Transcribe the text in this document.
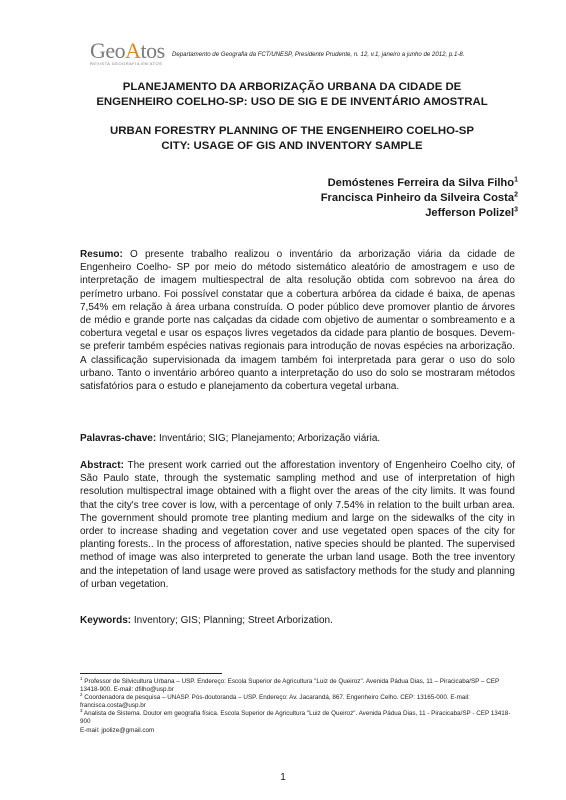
GeoAtos
REVISTA GEOGRAFIA EM ATOS
Departamento de Geografia da FCT/UNESP, Presidente Prudente, n. 12, v.1, janeiro a junho de 2012, p.1-8.
PLANEJAMENTO DA ARBORIZAÇÃO URBANA DA CIDADE DE
ENGENHEIRO COELHO-SP: USO DE SIG E DE INVENTÁRIO AMOSTRAL
URBAN FORESTRY PLANNING OF THE ENGENHEIRO COELHO-SP
CITY: USAGE OF GIS AND INVENTORY SAMPLE
Demóstenes Ferreira da Silva Filho$^1$
Francisca Pinheiro da Silveira Costa$^2$
Jefferson Polizel$^3$
Resumo: O presente trabalho realizou o inventário da arborização viária da cidade de Engenheiro Coelho- SP por meio do método sistemático aleatório de amostragem e uso de interpretação de imagem multiespectral de alta resolução obtida com sobrevoo na área do perímetro urbano. Foi possível constatar que a cobertura arbórea da cidade é baixa, de apenas 7,54% em relação à área urbana construída. O poder público deve promover plantio de árvores de médio e grande porte nas calçadas da cidade com objetivo de aumentar o sombreamento e a cobertura vegetal e usar os espaços livres vegetados da cidade para plantio de bosques. Devem-se preferir também espécies nativas regionais para introdução de novas espécies na arborização. A classificação supervisionada da imagem também foi interpretada para gerar o uso do solo urbano. Tanto o inventário arbóreo quanto a interpretação do uso do solo se mostraram métodos satisfatórios para o estudo e planejamento da cobertura vegetal urbana.
Palavras-chave: Inventário; SIG; Planejamento; Arborização viária.
Abstract: The present work carried out the afforestation inventory of Engenheiro Coelho city, of São Paulo state, through the systematic sampling method and use of interpretation of high resolution multispectral image obtained with a flight over the areas of the city limits. It was found that the city's tree cover is low, with a percentage of only 7.54% in relation to the built urban area. The government should promote tree planting medium and large on the sidewalks of the city in order to increase shading and vegetation cover and use vegetated open spaces of the city for planting forests.. In the process of afforestation, native species should be planted. The supervised method of image was also interpreted to generate the urban land usage. Both the tree inventory and the intepetation of land usage were proved as satisfactory methods for the study and planning of urban vegetation.
Keywords: Inventory; GIS; Planning; Street Arborization.
$^1$ Professor de Silvicultura Urbana – USP. Endereço: Escola Superior de Agricultura "Luiz de Queiroz". Avenida Pádua Dias, 11 – Piracicaba/SP – CEP 13418-900. E-mail: dfilho@usp.br
$^2$ Coordenadora de pesquisa – UNASP. Pós-doutoranda – USP. Endereço: Av. Jacarandá, 867. Engenheiro Celho. CEP: 13165-000. E-mail: francisca.costa@usp.br
$^3$ Analista de Sistema. Doutor em geografia física. Escola Superior de Agricultura "Luiz de Queiroz". Avenida Pádua Dias, 11 - Piracicaba/SP - CEP 13418-900
E-mail: jpolize@gmail.com
1
